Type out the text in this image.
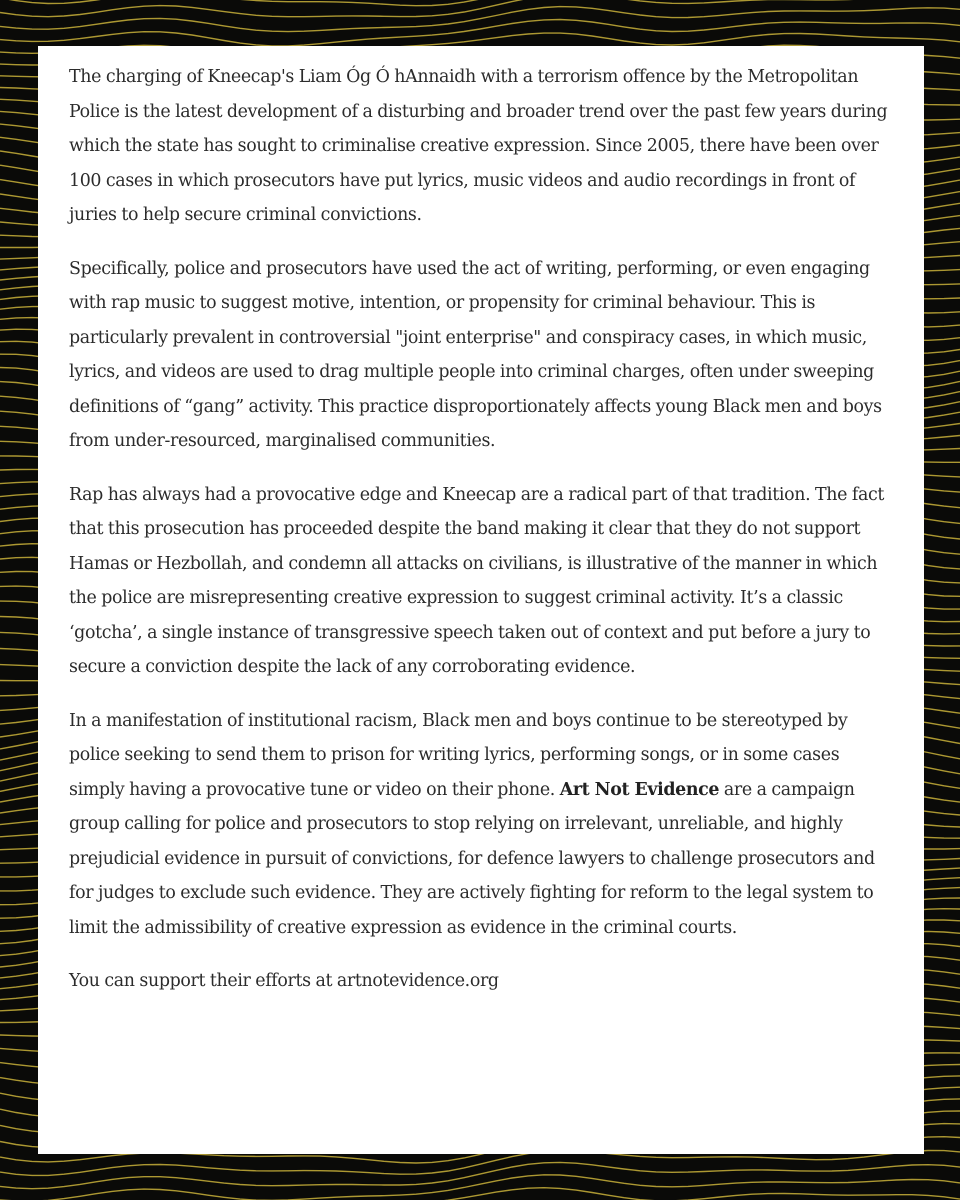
The charging of Kneecap's Liam Óg Ó hAnnaidh with a terrorism offence by the Metropolitan Police is the latest development of a disturbing and broader trend over the past few years during which the state has sought to criminalise creative expression. Since 2005, there have been over 100 cases in which prosecutors have put lyrics, music videos and audio recordings in front of juries to help secure criminal convictions.

Specifically, police and prosecutors have used the act of writing, performing, or even engaging with rap music to suggest motive, intention, or propensity for criminal behaviour. This is particularly prevalent in controversial "joint enterprise" and conspiracy cases, in which music, lyrics, and videos are used to drag multiple people into criminal charges, often under sweeping definitions of “gang” activity. This practice disproportionately affects young Black men and boys from under-resourced, marginalised communities.

Rap has always had a provocative edge and Kneecap are a radical part of that tradition. The fact that this prosecution has proceeded despite the band making it clear that they do not support Hamas or Hezbollah, and condemn all attacks on civilians, is illustrative of the manner in which the police are misrepresenting creative expression to suggest criminal activity. It’s a classic ‘gotcha’, a single instance of transgressive speech taken out of context and put before a jury to secure a conviction despite the lack of any corroborating evidence.

In a manifestation of institutional racism, Black men and boys continue to be stereotyped by police seeking to send them to prison for writing lyrics, performing songs, or in some cases simply having a provocative tune or video on their phone. Art Not Evidence are a campaign group calling for police and prosecutors to stop relying on irrelevant, unreliable, and highly prejudicial evidence in pursuit of convictions, for defence lawyers to challenge prosecutors and for judges to exclude such evidence. They are actively fighting for reform to the legal system to limit the admissibility of creative expression as evidence in the criminal courts.

You can support their efforts at artnotevidence.org
